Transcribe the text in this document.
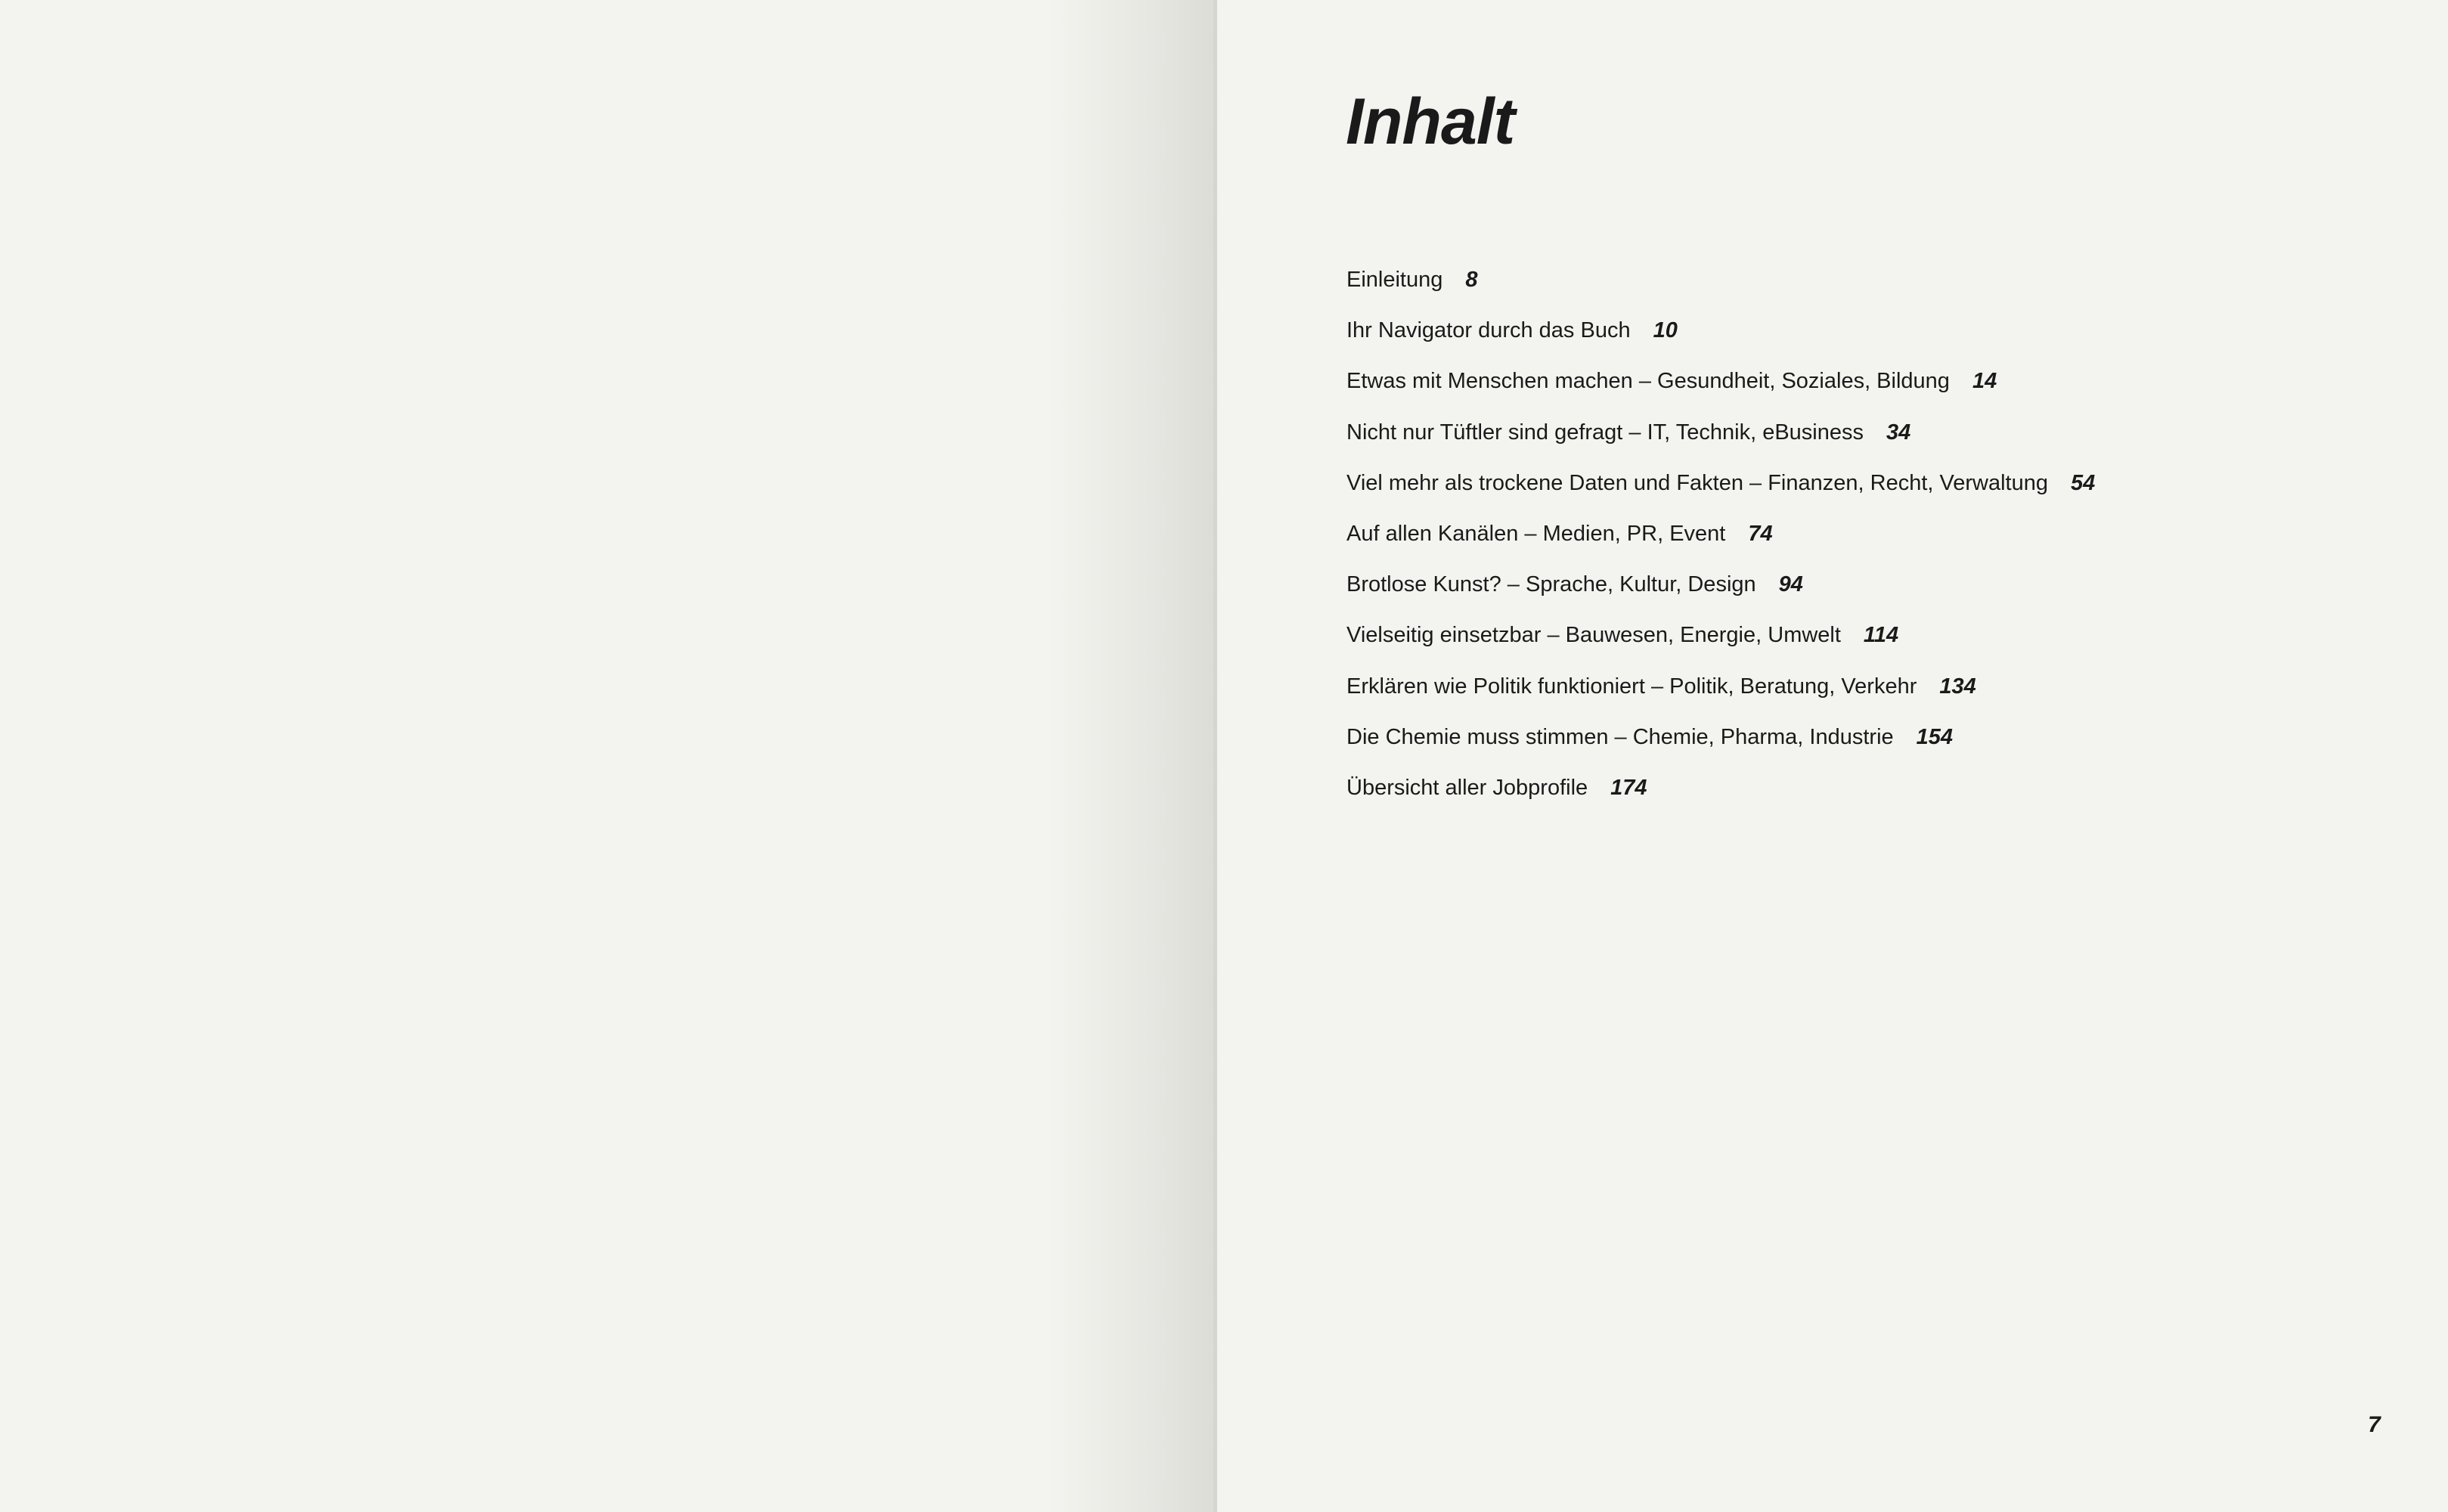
Inhalt
Einleitung 8
Ihr Navigator durch das Buch 10
Etwas mit Menschen machen – Gesundheit, Soziales, Bildung 14
Nicht nur Tüftler sind gefragt – IT, Technik, eBusiness 34
Viel mehr als trockene Daten und Fakten – Finanzen, Recht, Verwaltung 54
Auf allen Kanälen – Medien, PR, Event 74
Brotlose Kunst? – Sprache, Kultur, Design 94
Vielseitig einsetzbar – Bauwesen, Energie, Umwelt 114
Erklären wie Politik funktioniert – Politik, Beratung, Verkehr 134
Die Chemie muss stimmen – Chemie, Pharma, Industrie 154
Übersicht aller Jobprofile 174
7
